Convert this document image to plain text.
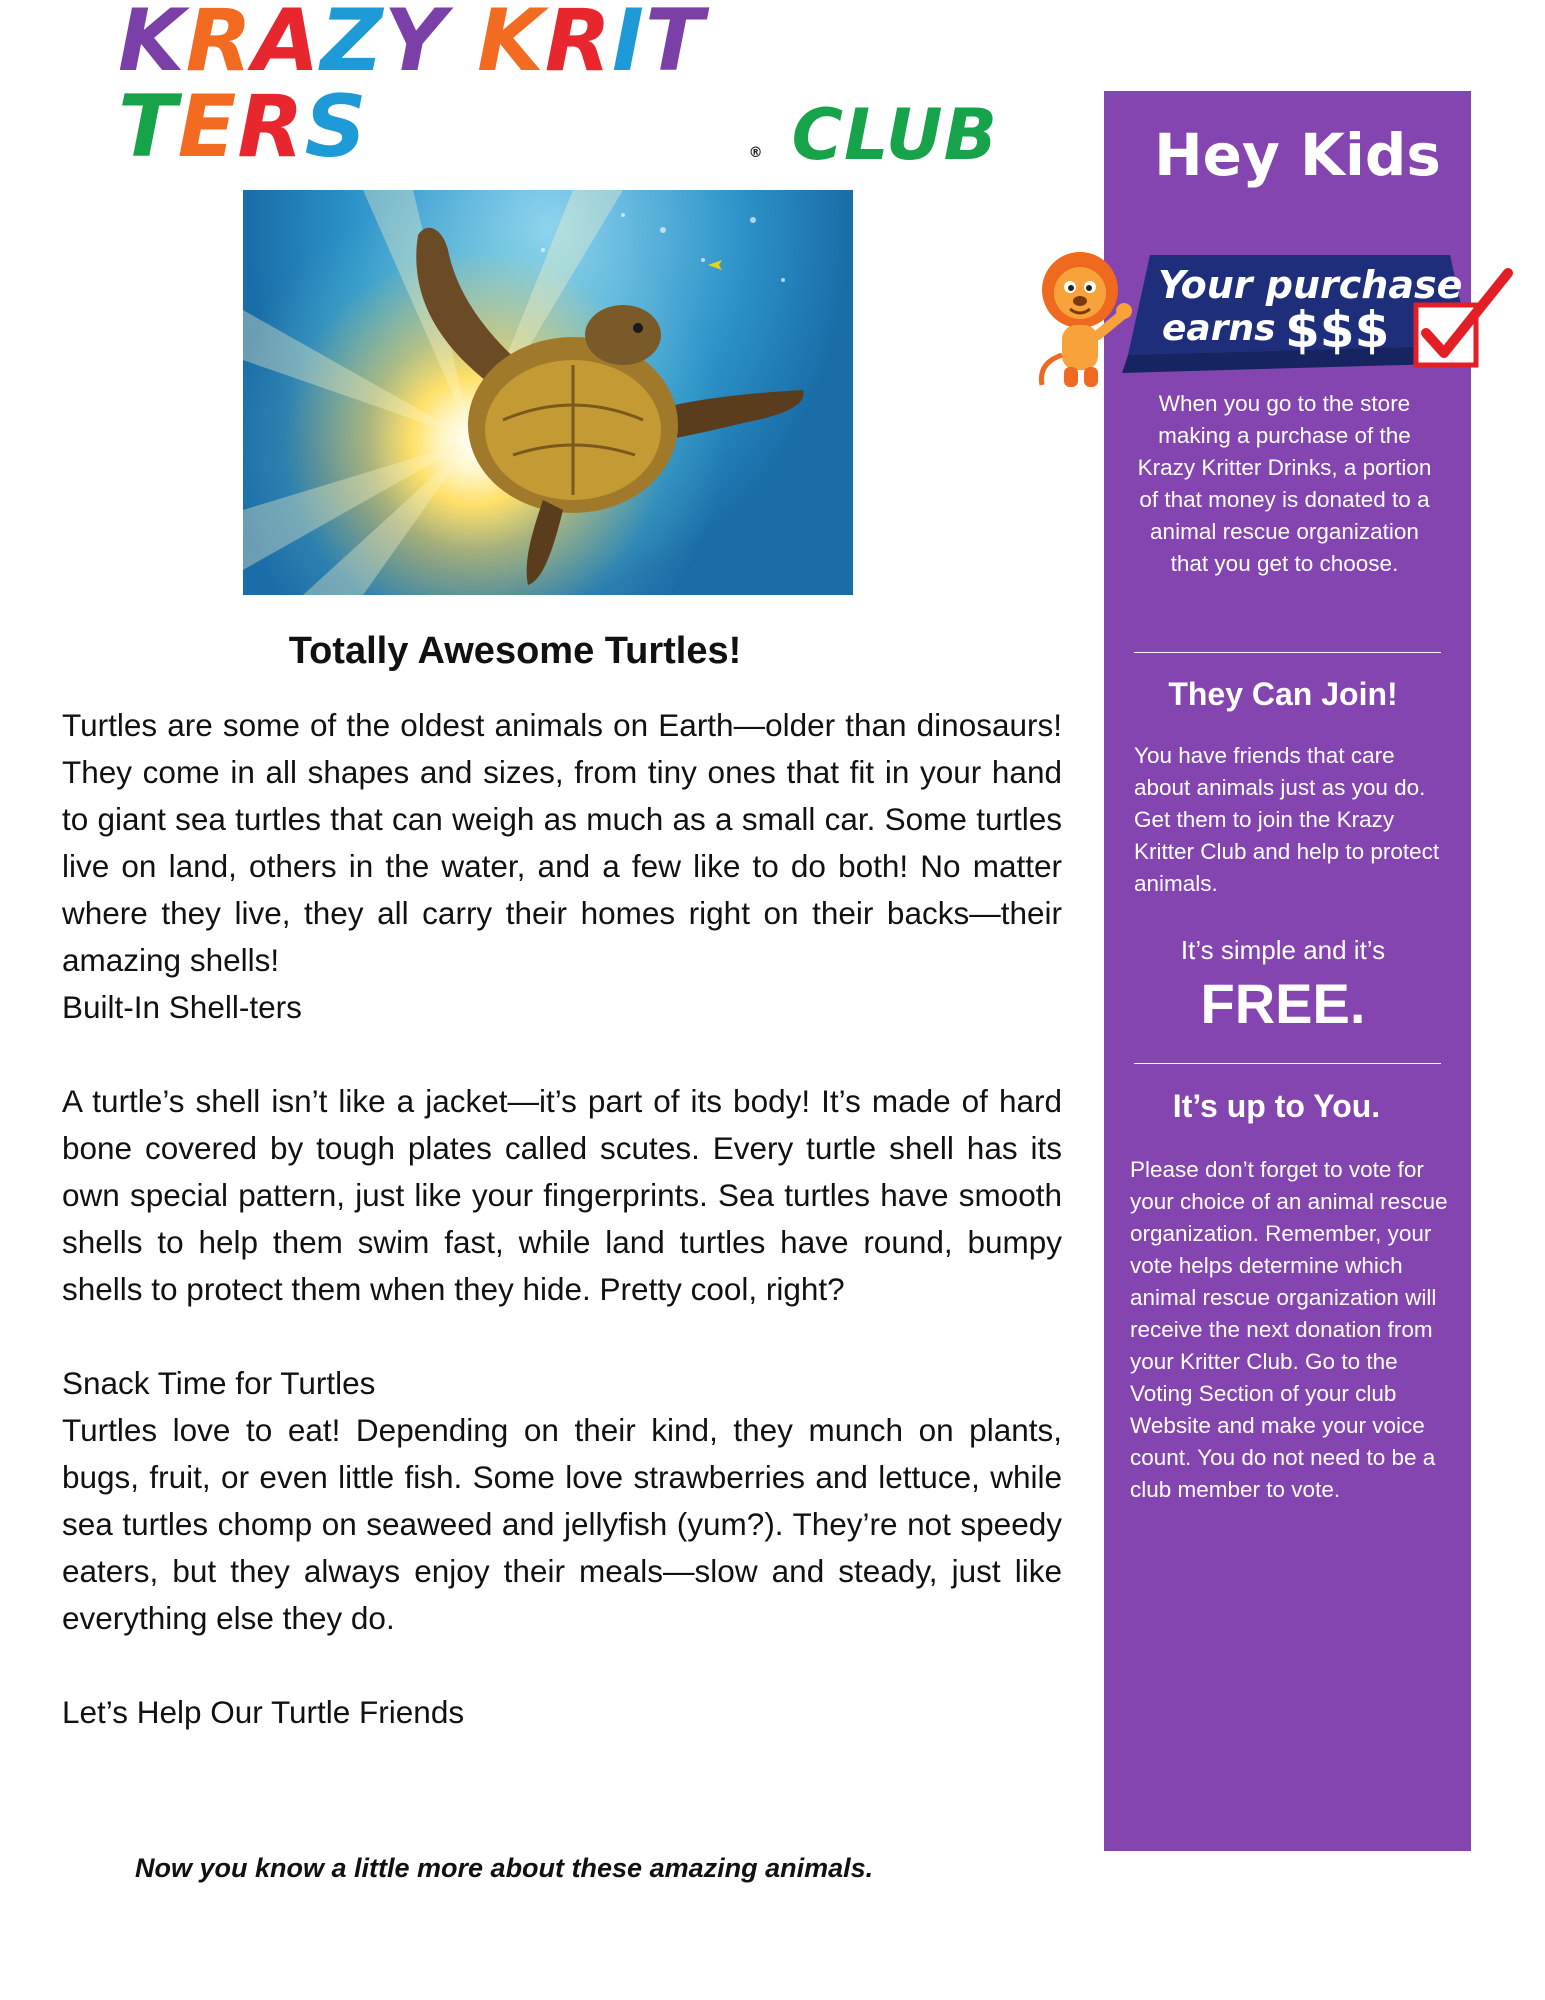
KRAZY KRITTERS	® CLUB
Totally Awesome Turtles!

Turtles are some of the oldest animals on Earth—older than dinosaurs! They come in all shapes and sizes, from tiny ones that fit in your hand to giant sea turtles that can weigh as much as a small car. Some turtles live on land, others in the water, and a few like to do both! No matter where they live, they all carry their homes right on their backs—their amazing shells!

Built-In Shell-ters

A turtle’s shell isn’t like a jacket—it’s part of its body! It’s made of hard bone covered by tough plates called scutes. Every turtle shell has its own special pattern, just like your fingerprints. Sea turtles have smooth shells to help them swim fast, while land turtles have round, bumpy shells to protect them when they hide. Pretty cool, right?

Snack Time for Turtles

Turtles love to eat! Depending on their kind, they munch on plants, bugs, fruit, or even little fish. Some love strawberries and lettuce, while sea turtles chomp on seaweed and jellyfish (yum?). They’re not speedy eaters, but they always enjoy their meals—slow and steady, just like everything else they do.

Let’s Help Our Turtle Friends

Now you know a little more about these amazing animals.

Hey Kids

When you go to the store making a purchase of the Krazy Kritter Drinks, a portion of that money is donated to a animal rescue organization that you get to choose.

They Can Join!

You have friends that care about animals just as you do. Get them to join the Krazy Kritter Club and help to protect animals.

It’s simple and it’s

FREE.

It’s up to You.

Please don’t forget to vote for your choice of an animal rescue organization. Remember, your vote helps determine which animal rescue organization will receive the next donation from your Kritter Club. Go to the Voting Section of your club Website and make your voice count. You do not need to be a club member to vote.

Your purchase
earns $$$
